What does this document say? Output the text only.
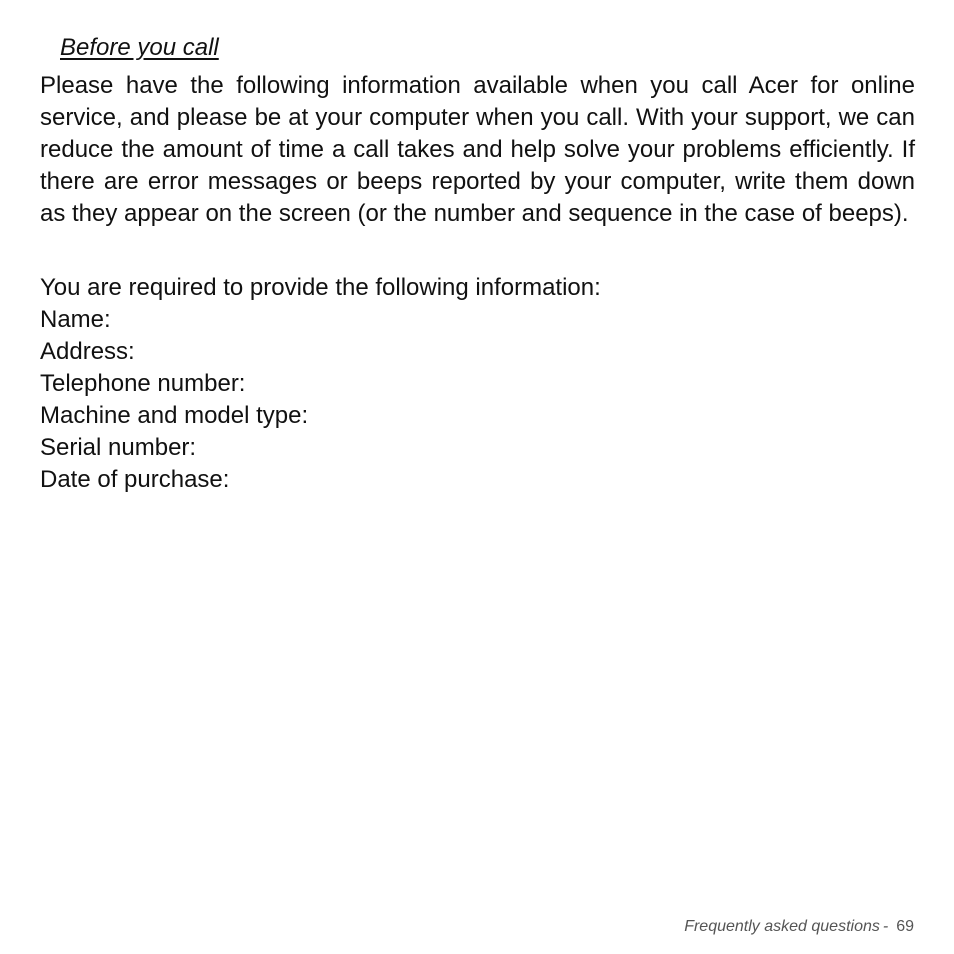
Before you call

Please have the following information available when you call Acer for online service, and please be at your computer when you call. With your support, we can reduce the amount of time a call takes and help solve your problems efficiently. If there are error messages or beeps reported by your computer, write them down as they appear on the screen (or the number and sequence in the case of beeps).

You are required to provide the following information:

Name:
Address:
Telephone number:
Machine and model type:
Serial number:
Date of purchase:
Frequently asked questions - 69
